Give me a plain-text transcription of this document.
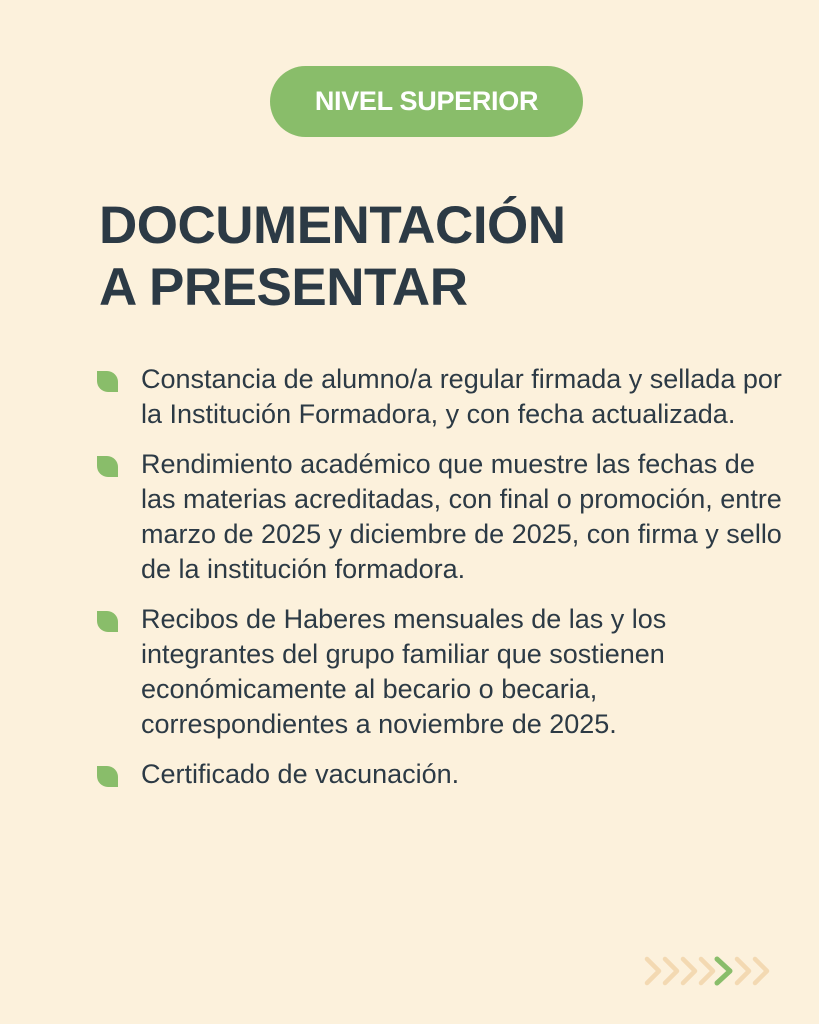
NIVEL SUPERIOR
DOCUMENTACIÓN
A PRESENTAR
Constancia de alumno/a regular firmada y sellada por la Institución Formadora, y con fecha actualizada.
Rendimiento académico que muestre las fechas de las materias acreditadas, con final o promoción, entre marzo de 2025 y diciembre de 2025, con firma y sello de la institución formadora.
Recibos de Haberes mensuales de las y los integrantes del grupo familiar que sostienen económicamente al becario o becaria, correspondientes a noviembre de 2025.
Certificado de vacunación.
